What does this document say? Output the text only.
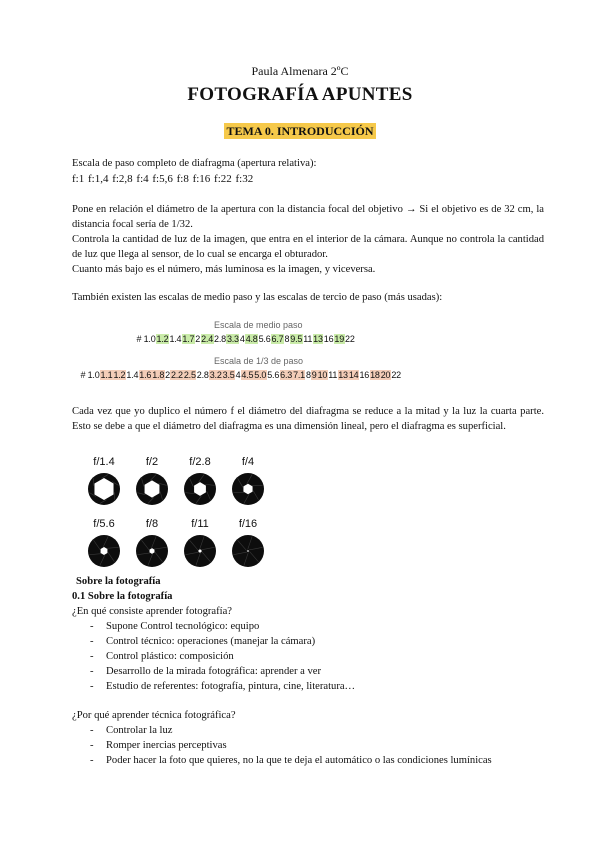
Paula Almenara 2ºC
FOTOGRAFÍA APUNTES
TEMA 0. INTRODUCCIÓN
Escala de paso completo de diafragma (apertura relativa):
f:1 f:1,4 f:2,8 f:4 f:5,6 f:8 f:16 f:22 f:32
Pone en relación el diámetro de la apertura con la distancia focal del objetivo → Si el objetivo es de 32 cm, la distancia focal sería de 1/32.
Controla la cantidad de luz de la imagen, que entra en el interior de la cámara. Aunque no controla la cantidad de luz que llega al sensor, de lo cual se encarga el obturador.
Cuanto más bajo es el número, más luminosa es la imagen, y viceversa.
También existen las escalas de medio paso y las escalas de tercio de paso (más usadas):
Escala de medio paso
# 1.01.21.41.722.42.83.344.85.66.789.51113161922
Escala de 1/3 de paso
# 1.01.11.21.41.61.822.22.52.83.23.544.55.05.66.37.1891011131416182022
Cada vez que yo duplico el número f el diámetro del diafragma se reduce a la mitad y la luz la cuarta parte. Esto se debe a que el diámetro del diafragma es una dimensión lineal, pero el diafragma es superficial.
f/1.4	f/2	f/2.8	f/4
f/5.6	f/8	f/11	f/16
Sobre la fotografía
0.1 Sobre la fotografía
¿En qué consiste aprender fotografía?
- Supone Control tecnológico: equipo
- Control técnico: operaciones (manejar la cámara)
- Control plástico: composición
- Desarrollo de la mirada fotográfica: aprender a ver
- Estudio de referentes: fotografía, pintura, cine, literatura…
¿Por qué aprender técnica fotográfica?
- Controlar la luz
- Romper inercias perceptivas
- Poder hacer la foto que quieres, no la que te deja el automático o las condiciones lumínicas
